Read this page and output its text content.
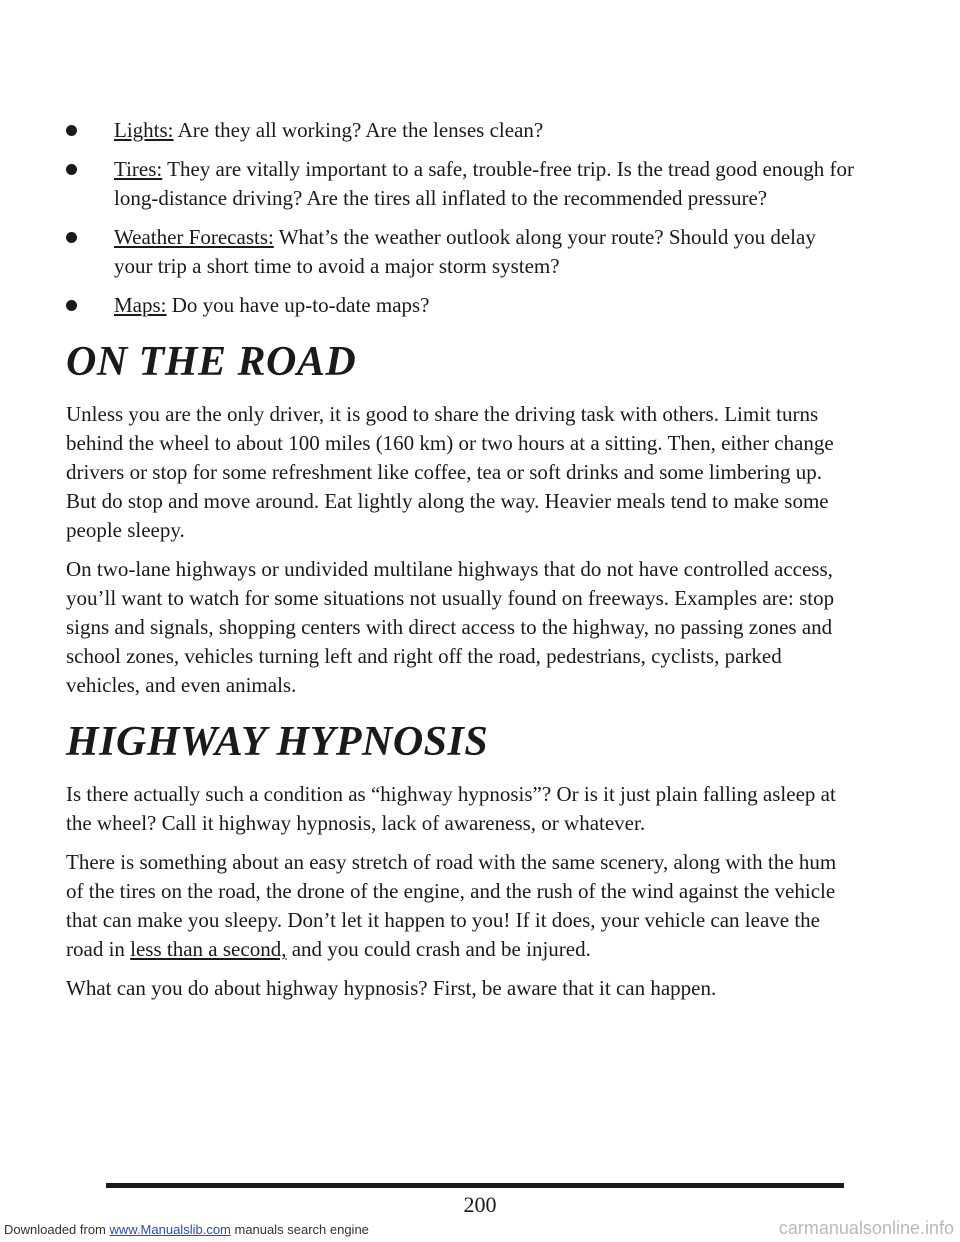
Lights: Are they all working? Are the lenses clean?
Tires: They are vitally important to a safe, trouble-free trip. Is the tread good enough for long-distance driving? Are the tires all inflated to the recommended pressure?
Weather Forecasts: What’s the weather outlook along your route? Should you delay your trip a short time to avoid a major storm system?
Maps: Do you have up-to-date maps?
ON THE ROAD

Unless you are the only driver, it is good to share the driving task with others. Limit turns behind the wheel to about 100 miles (160 km) or two hours at a sitting. Then, either change drivers or stop for some refreshment like coffee, tea or soft drinks and some limbering up. But do stop and move around. Eat lightly along the way. Heavier meals tend to make some people sleepy.

On two-lane highways or undivided multilane highways that do not have controlled access, you’ll want to watch for some situations not usually found on freeways. Examples are: stop signs and signals, shopping centers with direct access to the highway, no passing zones and school zones, vehicles turning left and right off the road, pedestrians, cyclists, parked vehicles, and even animals.

HIGHWAY HYPNOSIS

Is there actually such a condition as “highway hypnosis”? Or is it just plain falling asleep at the wheel? Call it highway hypnosis, lack of awareness, or whatever.

There is something about an easy stretch of road with the same scenery, along with the hum of the tires on the road, the drone of the engine, and the rush of the wind against the vehicle that can make you sleepy. Don’t let it happen to you! If it does, your vehicle can leave the road in less than a second, and you could crash and be injured.

What can you do about highway hypnosis? First, be aware that it can happen.

200
Downloaded from www.Manualslib.com manuals search engine	carmanualsonline.info
